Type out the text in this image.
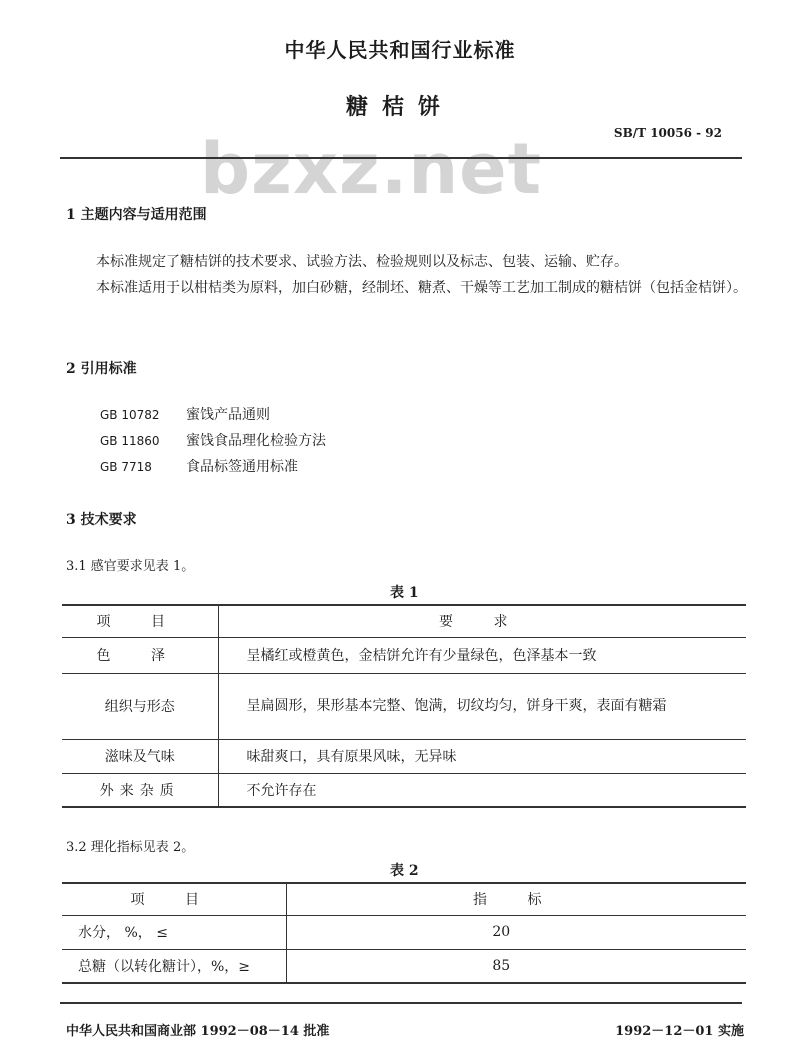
bzxz.net
中华人民共和国行业标准
糖桔饼
SB/T 10056 - 92
1 主题内容与适用范围
本标准规定了糖桔饼的技术要求、试验方法、检验规则以及标志、包装、运输、贮存。
本标准适用于以柑桔类为原料，加白砂糖，经制坯、糖煮、干燥等工艺加工制成的糖桔饼（包括金桔饼）。
2 引用标准
GB 10782 蜜饯产品通则
GB 11860 蜜饯食品理化检验方法
GB 7718 食品标签通用标准
3 技术要求
3.1 感官要求见表 1。
表 1
项 目	要 求
色 泽	呈橘红或橙黄色，金桔饼允许有少量绿色，色泽基本一致
组织与形态	呈扁圆形，果形基本完整、饱满，切纹均匀，饼身干爽，表面有糖霜
滋味及气味	味甜爽口，具有原果风味，无异味
外来杂质	不允许存在
3.2 理化指标见表 2。
表 2
项 目	指 标
水分， %， ≤	20
总糖（以转化糖计），%，≥	85
中华人民共和国商业部 1992－08－14 批准	1992－12－01 实施
